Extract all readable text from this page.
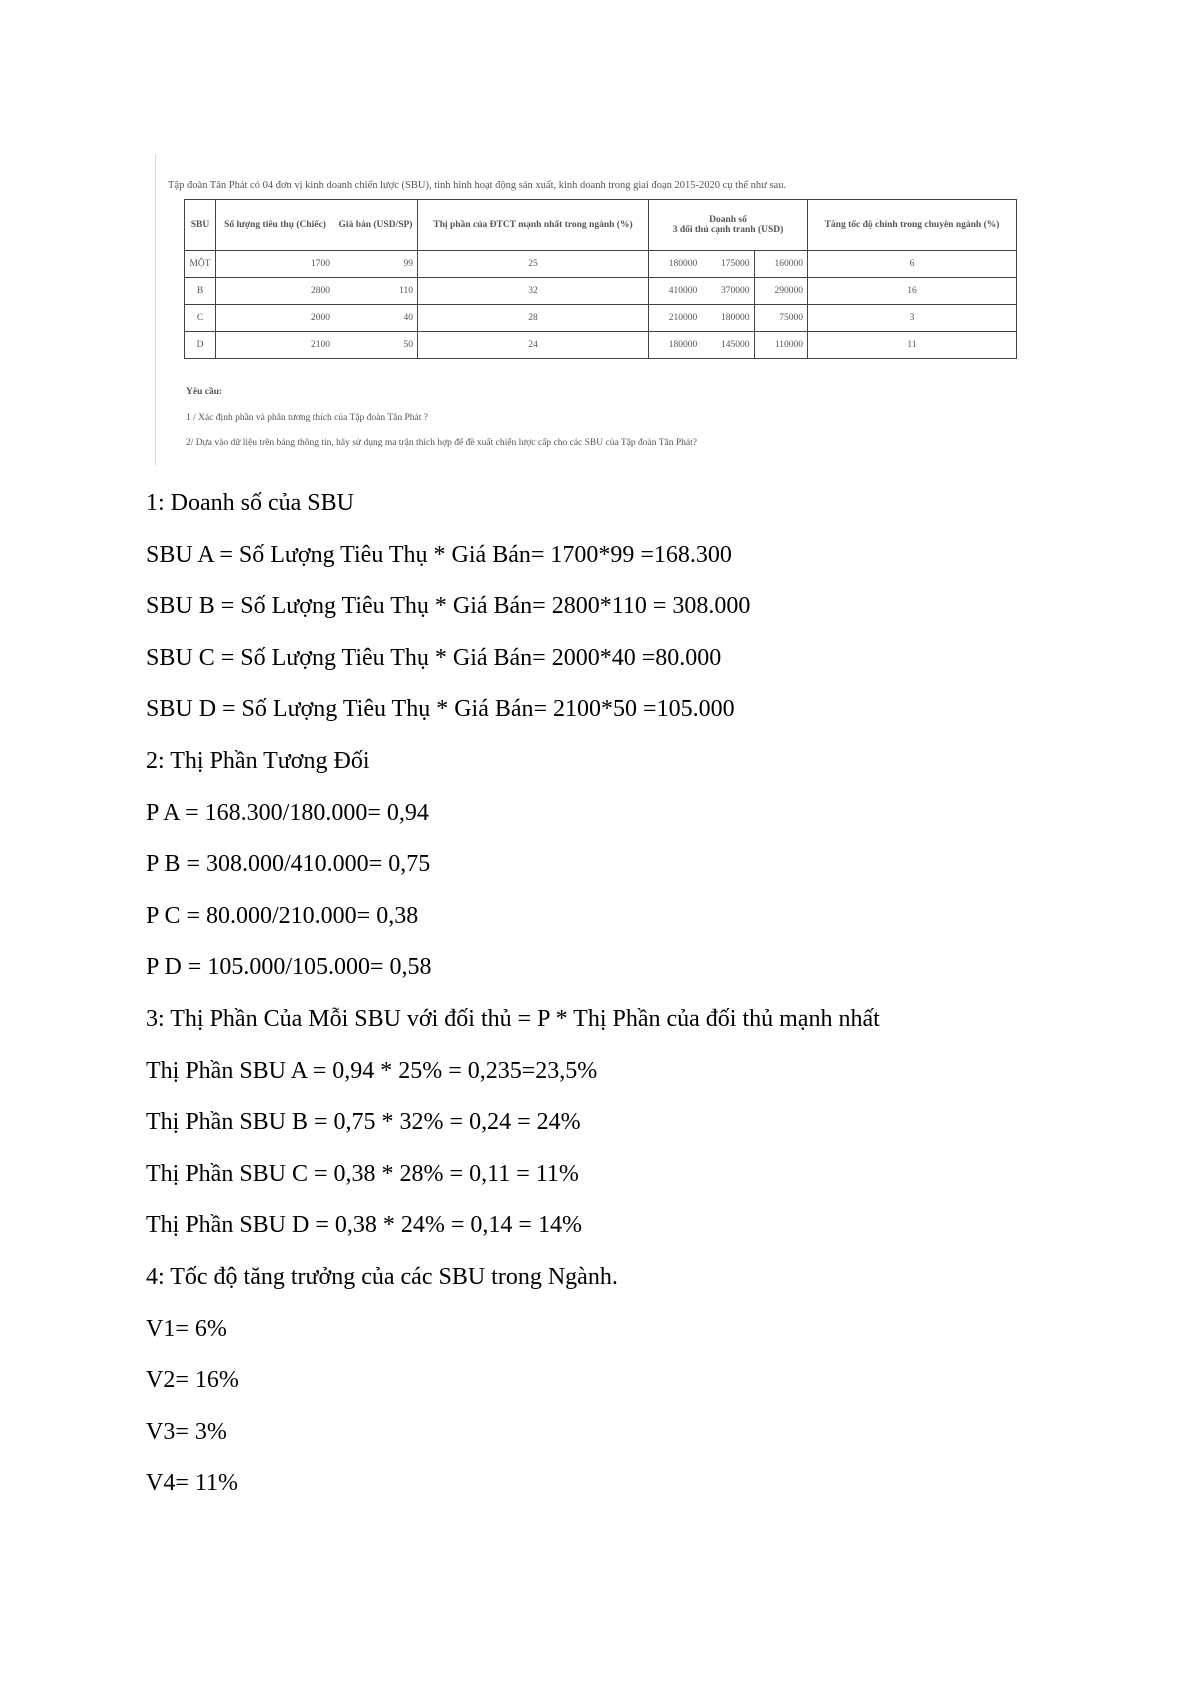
Tập đoàn Tân Phát có 04 đơn vị kinh doanh chiến lược (SBU), tình hình hoạt động sản xuất, kinh doanh trong giai đoạn 2015-2020 cụ thể như sau.
SBU	Số lượng tiêu thụ (Chiếc)	Giá bán (USD/SP)	Thị phần của ĐTCT mạnh nhất trong ngành (%)	Doanh số
3 đối thủ cạnh tranh (USD)			Tăng tốc độ chính trong chuyên ngành (%)
MỘT	1700	99	25	180000	175000	160000	6
B	2800	110	32	410000	370000	290000	16
C	2000	40	28	210000	180000	75000	3
D	2100	50	24	180000	145000	110000	11
Yêu cầu:
1 / Xác định phần và phân tương thích của Tập đoàn Tân Phát ?
2/ Dựa vào dữ liệu trên bảng thông tin, hãy sử dụng ma trận thích hợp để đề xuất chiến lược cấp cho các SBU của Tập đoàn Tân Phát?
1: Doanh số của SBU
SBU A = Số Lượng Tiêu Thụ * Giá Bán= 1700*99 =168.300
SBU B = Số Lượng Tiêu Thụ * Giá Bán= 2800*110 = 308.000
SBU C = Số Lượng Tiêu Thụ * Giá Bán= 2000*40 =80.000
SBU D = Số Lượng Tiêu Thụ * Giá Bán= 2100*50 =105.000
2: Thị Phần Tương Đối
P A = 168.300/180.000= 0,94
P B = 308.000/410.000= 0,75
P C = 80.000/210.000= 0,38
P D = 105.000/105.000= 0,58
3: Thị Phần Của Mỗi SBU với đối thủ = P * Thị Phần của đối thủ mạnh nhất
Thị Phần SBU A = 0,94 * 25% = 0,235=23,5%
Thị Phần SBU B = 0,75 * 32% = 0,24 = 24%
Thị Phần SBU C = 0,38 * 28% = 0,11 = 11%
Thị Phần SBU D = 0,38 * 24% = 0,14 = 14%
4: Tốc độ tăng trưởng của các SBU trong Ngành.
V1= 6%
V2= 16%
V3= 3%
V4= 11%
